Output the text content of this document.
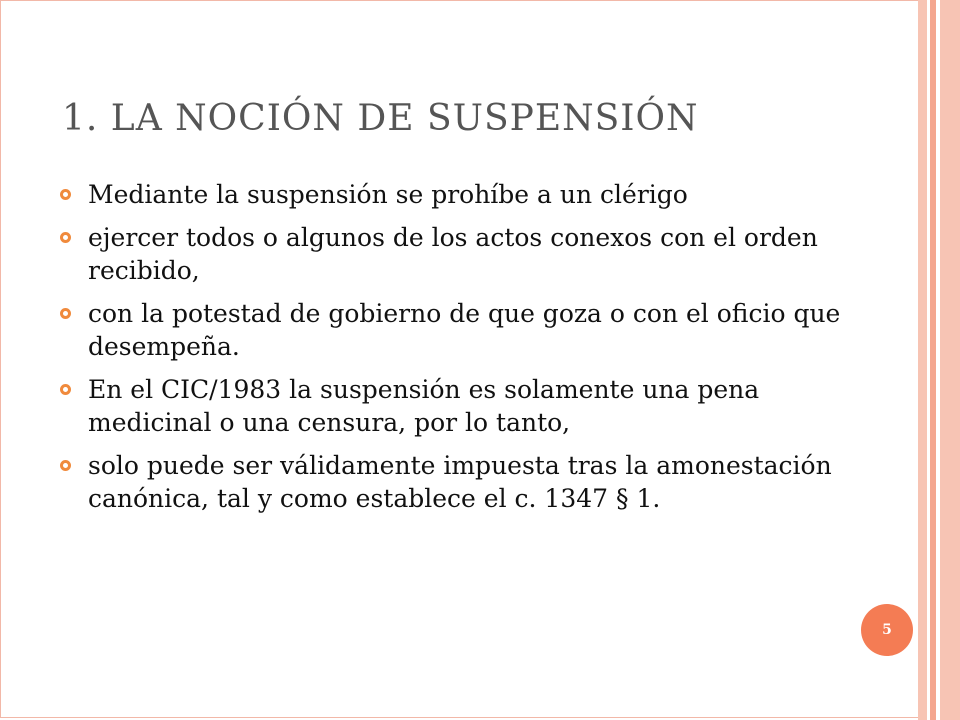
1. LA NOCIÓN DE SUSPENSIÓN
Mediante la suspensión se prohíbe a un clérigo
ejercer todos o algunos de los actos conexos con el orden recibido,
con la potestad de gobierno de que goza o con el oficio que desempeña.
En el CIC/1983 la suspensión es solamente una pena medicinal o una censura, por lo tanto,
solo puede ser válidamente impuesta tras la amonestación canónica, tal y como establece el c. 1347 § 1.
5
